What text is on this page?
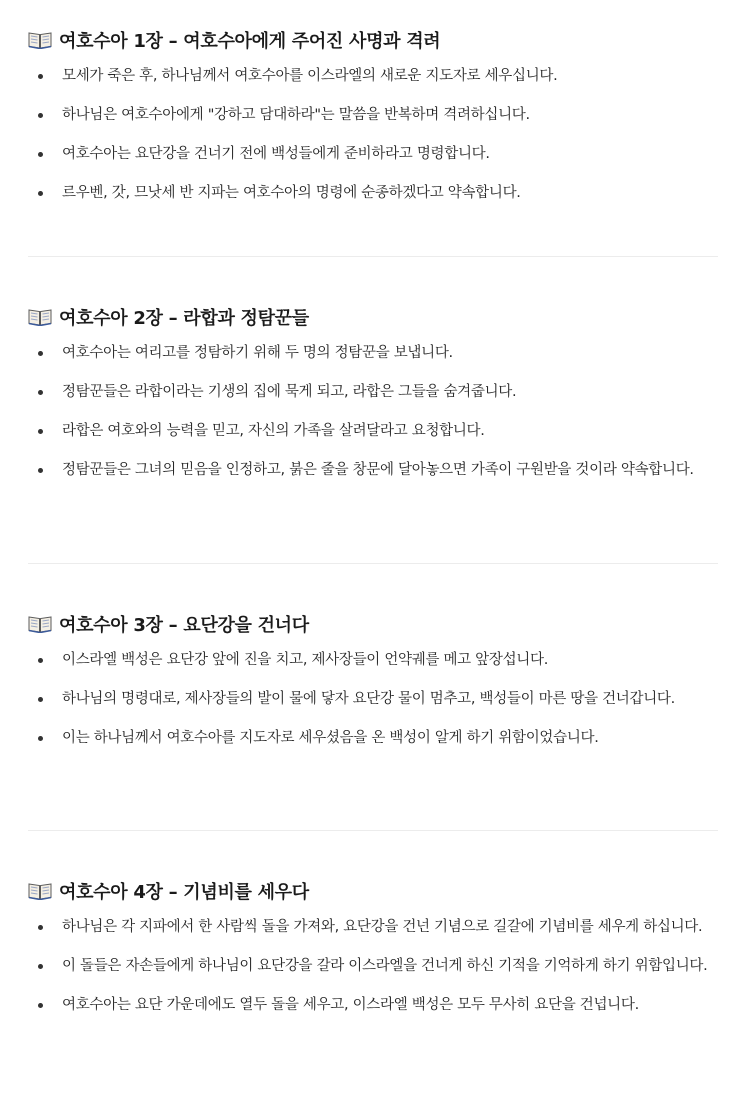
여호수아 1장 – 여호수아에게 주어진 사명과 격려
모세가 죽은 후, 하나님께서 여호수아를 이스라엘의 새로운 지도자로 세우십니다.
하나님은 여호수아에게 "강하고 담대하라"는 말씀을 반복하며 격려하십니다.
여호수아는 요단강을 건너기 전에 백성들에게 준비하라고 명령합니다.
르우벤, 갓, 므낫세 반 지파는 여호수아의 명령에 순종하겠다고 약속합니다.
여호수아 2장 – 라합과 정탐꾼들
여호수아는 여리고를 정탐하기 위해 두 명의 정탐꾼을 보냅니다.
정탐꾼들은 라합이라는 기생의 집에 묵게 되고, 라합은 그들을 숨겨줍니다.
라합은 여호와의 능력을 믿고, 자신의 가족을 살려달라고 요청합니다.
정탐꾼들은 그녀의 믿음을 인정하고, 붉은 줄을 창문에 달아놓으면 가족이 구원받을 것이라 약속합니다.
여호수아 3장 – 요단강을 건너다
이스라엘 백성은 요단강 앞에 진을 치고, 제사장들이 언약궤를 메고 앞장섭니다.
하나님의 명령대로, 제사장들의 발이 물에 닿자 요단강 물이 멈추고, 백성들이 마른 땅을 건너갑니다.
이는 하나님께서 여호수아를 지도자로 세우셨음을 온 백성이 알게 하기 위함이었습니다.
여호수아 4장 – 기념비를 세우다
하나님은 각 지파에서 한 사람씩 돌을 가져와, 요단강을 건넌 기념으로 길갈에 기념비를 세우게 하십니다.
이 돌들은 자손들에게 하나님이 요단강을 갈라 이스라엘을 건너게 하신 기적을 기억하게 하기 위함입니다.
여호수아는 요단 가운데에도 열두 돌을 세우고, 이스라엘 백성은 모두 무사히 요단을 건넙니다.
